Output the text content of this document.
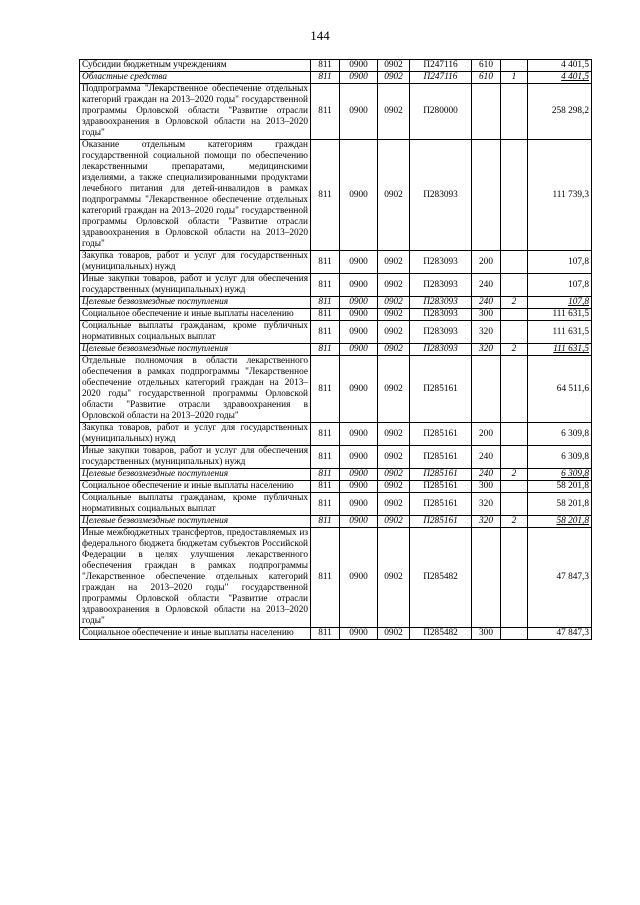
144
Субсидии бюджетным учреждениям	811	0900	0902	П247116	610		4 401,5
Областные средства	811	0900	0902	П247116	610	1	4 401,5
Подпрограмма "Лекарственное обеспечение отдельных категорий граждан на 2013–2020 годы" государственной программы Орловской области "Развитие отрасли здравоохранения в Орловской области на 2013–2020 годы"	811	0900	0902	П280000			258 298,2
Оказание отдельным категориям граждан государственной социальной помощи по обеспечению лекарственными препаратами, медицинскими изделиями, а также специализированными продуктами лечебного питания для детей-инвалидов в рамках подпрограммы "Лекарственное обеспечение отдельных категорий граждан на 2013–2020 годы" государственной программы Орловской области "Развитие отрасли здравоохранения в Орловской области на 2013–2020 годы"	811	0900	0902	П283093			111 739,3
Закупка товаров, работ и услуг для государственных (муниципальных) нужд	811	0900	0902	П283093	200		107,8
Иные закупки товаров, работ и услуг для обеспечения государственных (муниципальных) нужд	811	0900	0902	П283093	240		107,8
Целевые безвозмездные поступления	811	0900	0902	П283093	240	2	107,8
Социальное обеспечение и иные выплаты населению	811	0900	0902	П283093	300		111 631,5
Социальные выплаты гражданам, кроме публичных нормативных социальных выплат	811	0900	0902	П283093	320		111 631,5
Целевые безвозмездные поступления	811	0900	0902	П283093	320	2	111 631,5
Отдельные полномочия в области лекарственного обеспечения в рамках подпрограммы "Лекарственное обеспечение отдельных категорий граждан на 2013–2020 годы" государственной программы Орловской области "Развитие отрасли здравоохранения в Орловской области на 2013–2020 годы"	811	0900	0902	П285161			64 511,6
Закупка товаров, работ и услуг для государственных (муниципальных) нужд	811	0900	0902	П285161	200		6 309,8
Иные закупки товаров, работ и услуг для обеспечения государственных (муниципальных) нужд	811	0900	0902	П285161	240		6 309,8
Целевые безвозмездные поступления	811	0900	0902	П285161	240	2	6 309,8
Социальное обеспечение и иные выплаты населению	811	0900	0902	П285161	300		58 201,8
Социальные выплаты гражданам, кроме публичных нормативных социальных выплат	811	0900	0902	П285161	320		58 201,8
Целевые безвозмездные поступления	811	0900	0902	П285161	320	2	58 201,8
Иные межбюджетных трансфертов, предоставляемых из федерального бюджета бюджетам субъектов Российской Федерации в целях улучшения лекарственного обеспечения граждан в рамках подпрограммы "Лекарственное обеспечение отдельных категорий граждан на 2013–2020 годы" государственной программы Орловской области "Развитие отрасли здравоохранения в Орловской области на 2013–2020 годы"	811	0900	0902	П285482			47 847,3
Социальное обеспечение и иные выплаты населению	811	0900	0902	П285482	300		47 847,3
